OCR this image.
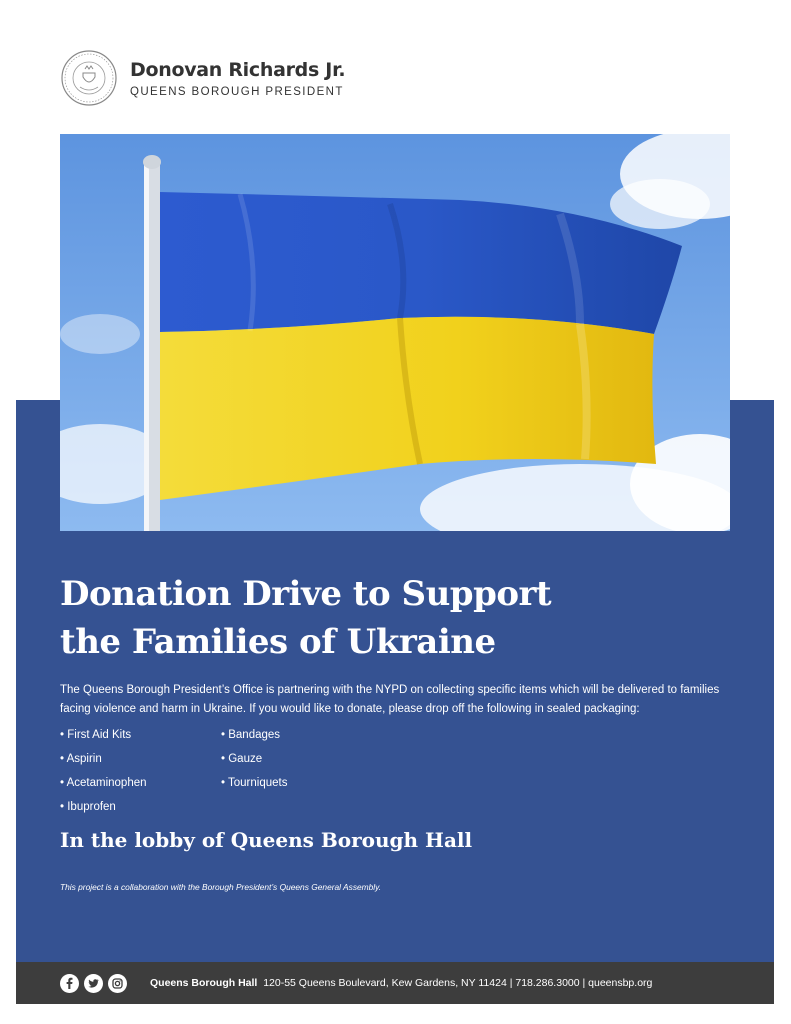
Donovan Richards Jr.
QUEENS BOROUGH PRESIDENT
Donation Drive to Support
the Families of Ukraine
The Queens Borough President’s Office is partnering with the NYPD on collecting specific items which will be delivered to families facing violence and harm in Ukraine. If you would like to donate, please drop off the following in sealed packaging:
• First Aid Kits
• Aspirin
• Acetaminophen
• Ibuprofen
• Bandages
• Gauze
• Tourniquets
In the lobby of Queens Borough Hall
This project is a collaboration with the Borough President’s Queens General Assembly.
Queens Borough Hall 120-55 Queens Boulevard, Kew Gardens, NY 11424 | 718.286.3000 | queensbp.org
